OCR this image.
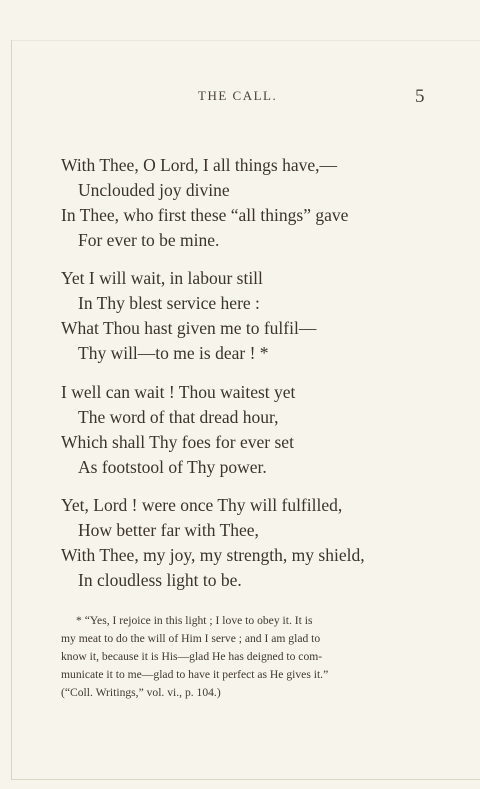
THE CALL.	5
With Thee, O Lord, I all things have,—
Unclouded joy divine
In Thee, who first these “all things” gave
For ever to be mine.
Yet I will wait, in labour still
In Thy blest service here :
What Thou hast given me to fulfil—
Thy will—to me is dear ! *
I well can wait ! Thou waitest yet
The word of that dread hour,
Which shall Thy foes for ever set
As footstool of Thy power.
Yet, Lord ! were once Thy will fulfilled,
How better far with Thee,
With Thee, my joy, my strength, my shield,
In cloudless light to be.
* “Yes, I rejoice in this light ; I love to obey it. It is
my meat to do the will of Him I serve ; and I am glad to
know it, because it is His—glad He has deigned to com-
municate it to me—glad to have it perfect as He gives it.”
(“Coll. Writings,” vol. vi., p. 104.)
